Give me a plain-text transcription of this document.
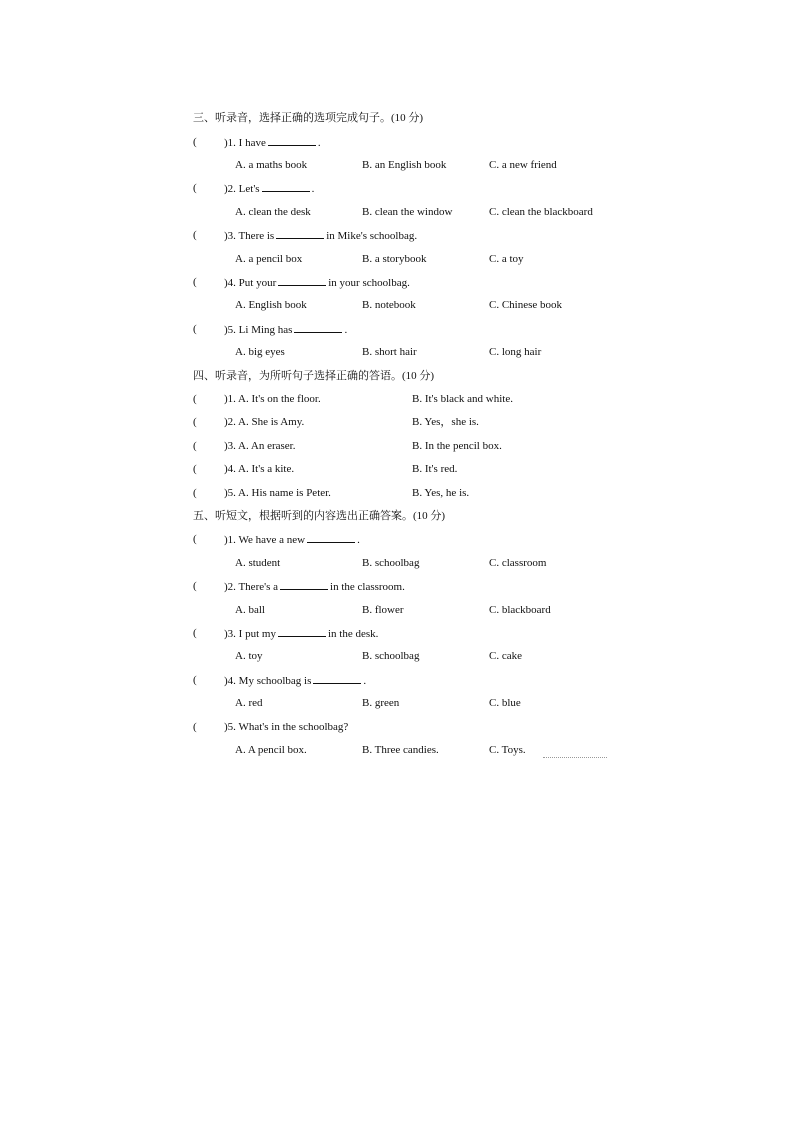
三、听录音，选择正确的选项完成句子。(10 分)
( )1. I have	.
A. a maths book	B. an English book	C. a new friend
( )2. Let's	.
A. clean the desk	B. clean the window	C. clean the blackboard
( )3. There is	in Mike's schoolbag.
A. a pencil box	B. a storybook	C. a toy
( )4. Put your	in your schoolbag.
A. English book	B. notebook	C. Chinese book
( )5. Li Ming has	.
A. big eyes	B. short hair	C. long hair
四、听录音，为所听句子选择正确的答语。(10 分)
( )1. A. It's on the floor.	B. It's black and white.
( )2. A. She is Amy.	B. Yes，she is.
( )3. A. An eraser.	B. In the pencil box.
( )4. A. It's a kite.	B. It's red.
( )5. A. His name is Peter.	B. Yes, he is.
五、听短文，根据听到的内容选出正确答案。(10 分)
( )1. We have a new	.
A. student	B. schoolbag	C. classroom
( )2. There's a	in the classroom.
A. ball	B. flower	C. blackboard
( )3. I put my	in the desk.
A. toy	B. schoolbag	C. cake
( )4. My schoolbag is	.
A. red	B. green	C. blue
( )5. What's in the schoolbag?
A. A pencil box.	B. Three candies.	C. Toys.
